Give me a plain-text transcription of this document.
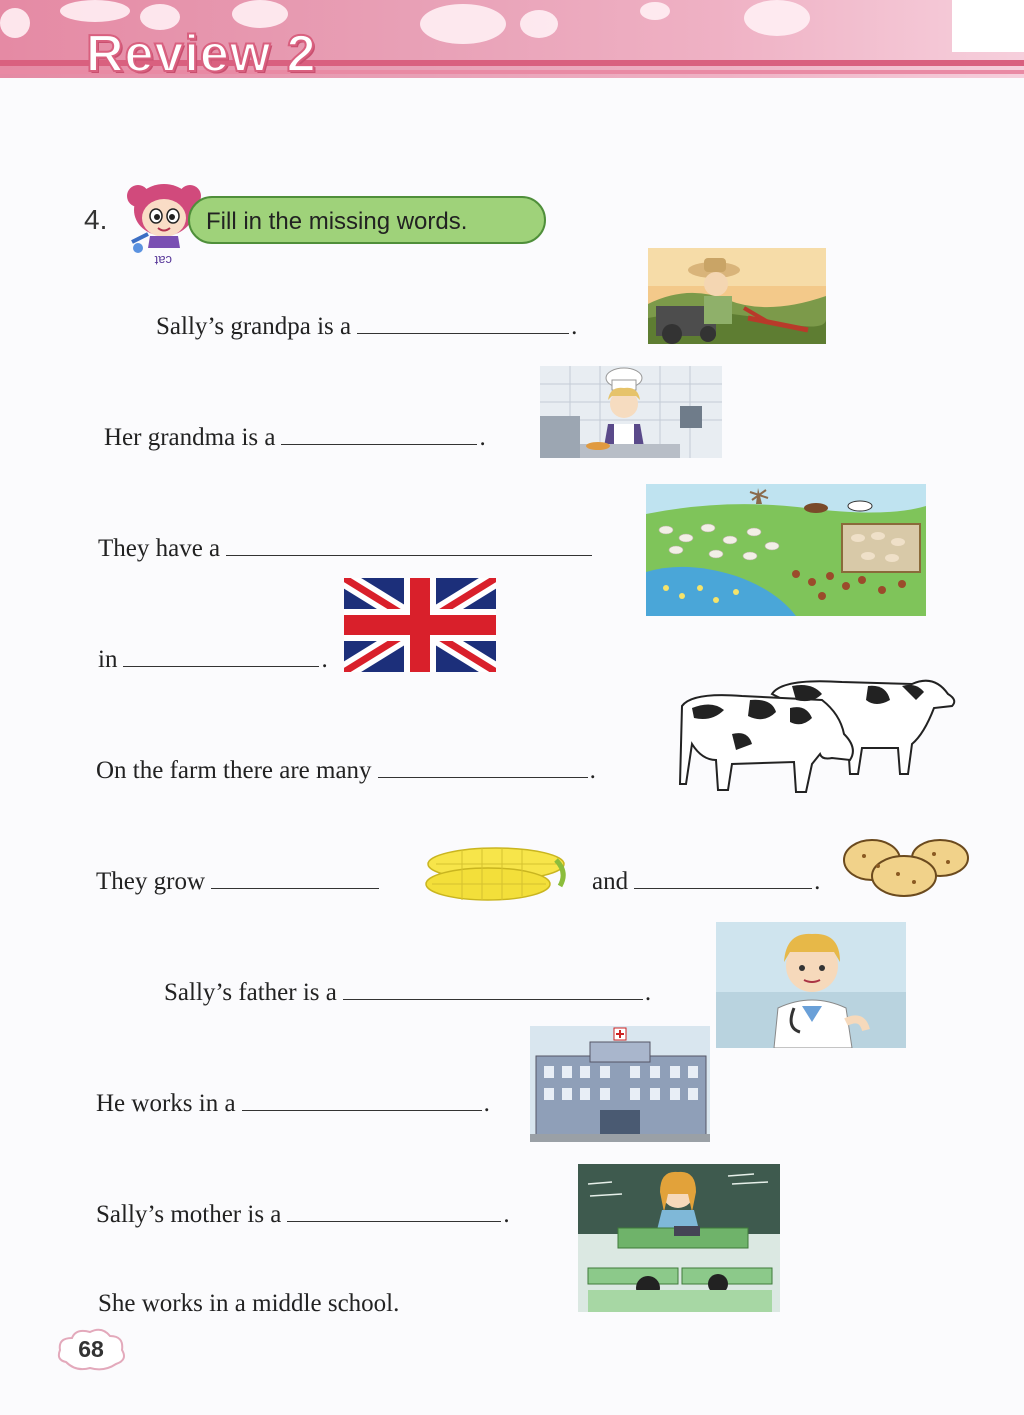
Review 2
4.
cat
Fill in the missing words.
Sally’s grandpa is a	.
Her grandma is a	.
They have a
in	.
On the farm there are many	.
They grow	and	.
Sally’s father is a	.
He works in a	.
Sally’s mother is a	.
She works in a middle school.
68
